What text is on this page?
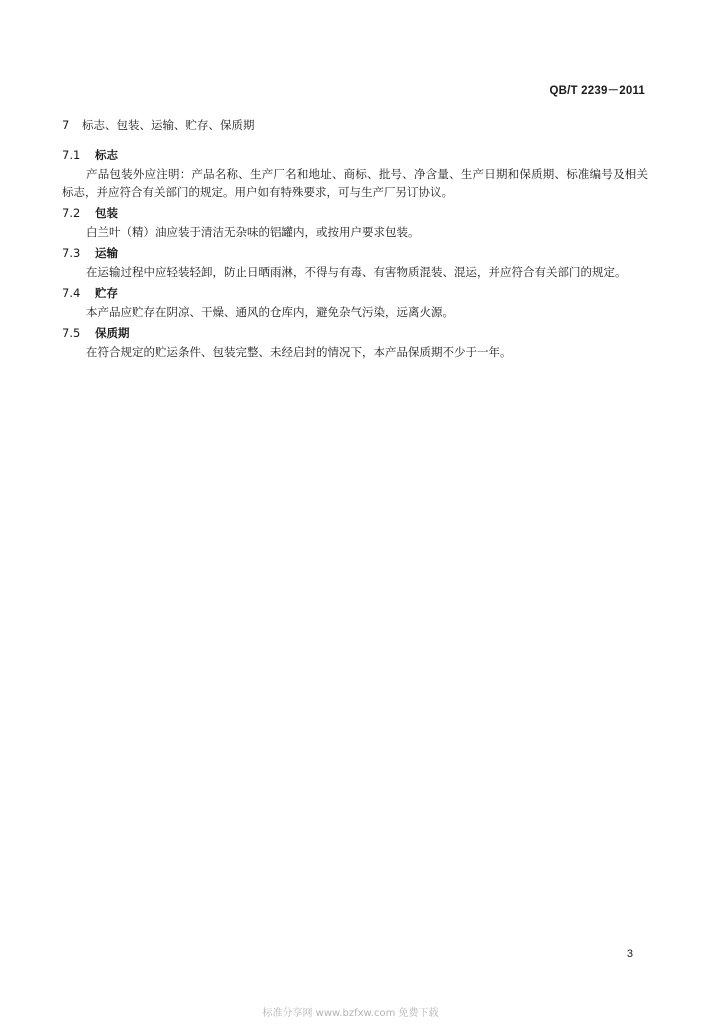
QB/T 2239－2011
7	标志、包装、运输、贮存、保质期
7.1	标志

产品包装外应注明：产品名称、生产厂名和地址、商标、批号、净含量、生产日期和保质期、标准编号及相关标志，并应符合有关部门的规定。用户如有特殊要求，可与生产厂另订协议。

7.2	包装

白兰叶（精）油应装于清洁无杂味的铝罐内，或按用户要求包装。

7.3	运输

在运输过程中应轻装轻卸，防止日晒雨淋，不得与有毒、有害物质混装、混运，并应符合有关部门的规定。

7.4	贮存

本产品应贮存在阴凉、干燥、通风的仓库内，避免杂气污染，远离火源。

7.5	保质期

在符合规定的贮运条件、包装完整、未经启封的情况下，本产品保质期不少于一年。

3
标准分享网 www.bzfxw.com 免费下载
